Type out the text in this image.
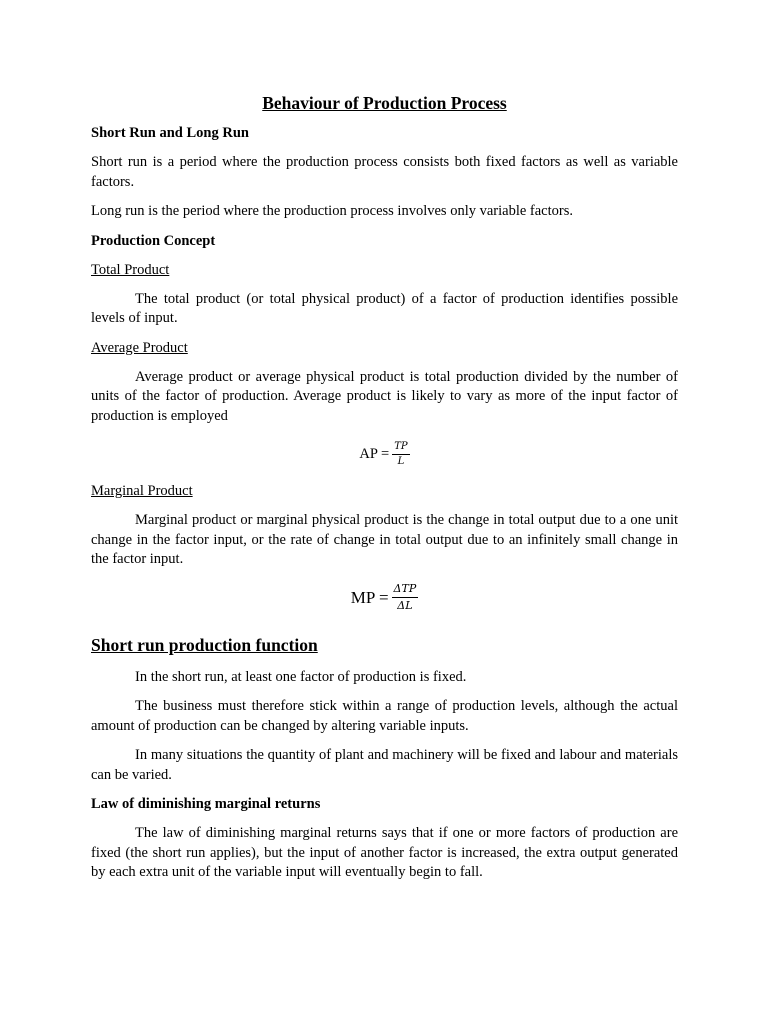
Behaviour of Production Process
Short Run and Long Run
Short run is a period where the production process consists both fixed factors as well as variable factors.
Long run is the period where the production process involves only variable factors.
Production Concept
Total Product
The total product (or total physical product) of a factor of production identifies possible levels of input.
Average Product
Average product or average physical product is total production divided by the number of units of the factor of production. Average product is likely to vary as more of the input factor of production is employed
AP = $\frac{TP}{L}$
Marginal Product
Marginal product or marginal physical product is the change in total output due to a one unit change in the factor input, or the rate of change in total output due to an infinitely small change in the factor input.
MP = $\frac{\text{ΔTP}}{\Delta L}$
Short run production function
In the short run, at least one factor of production is fixed.
The business must therefore stick within a range of production levels, although the actual amount of production can be changed by altering variable inputs.
In many situations the quantity of plant and machinery will be fixed and labour and materials can be varied.
Law of diminishing marginal returns
The law of diminishing marginal returns says that if one or more factors of production are fixed (the short run applies), but the input of another factor is increased, the extra output generated by each extra unit of the variable input will eventually begin to fall.
